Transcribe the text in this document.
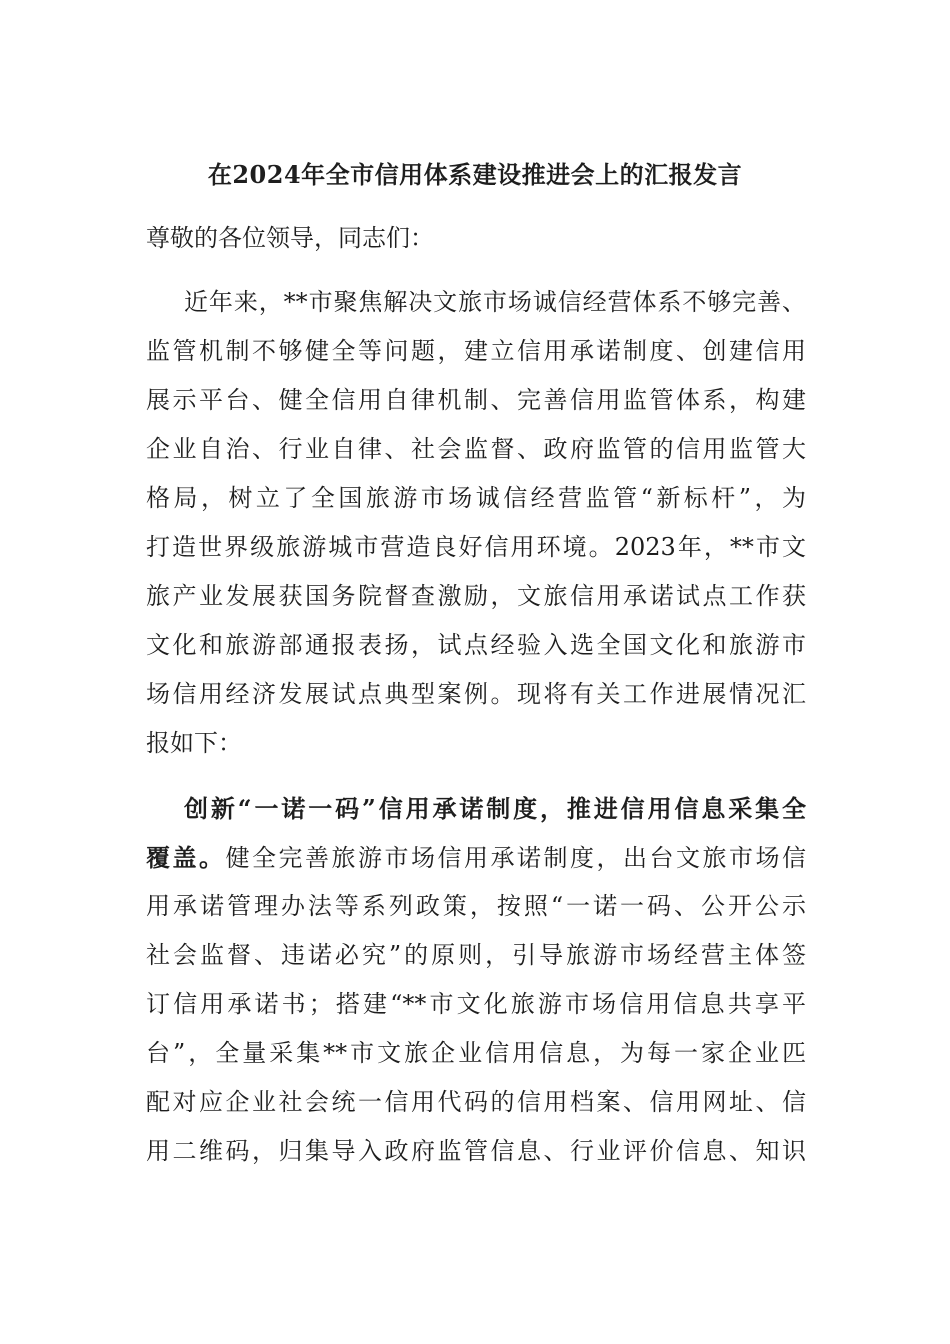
在2024年全市信用体系建设推进会上的汇报发言
尊敬的各位领导，同志们：
近年来，**市聚焦解决文旅市场诚信经营体系不够完善、
监管机制不够健全等问题，建立信用承诺制度、创建信用
展示平台、健全信用自律机制、完善信用监管体系，构建
企业自治、行业自律、社会监督、政府监管的信用监管大
格局，树立了全国旅游市场诚信经营监管“新标杆”，为
打造世界级旅游城市营造良好信用环境。2023年，**市文
旅产业发展获国务院督查激励，文旅信用承诺试点工作获
文化和旅游部通报表扬，试点经验入选全国文化和旅游市
场信用经济发展试点典型案例。现将有关工作进展情况汇
报如下：
创新“一诺一码”信用承诺制度，推进信用信息采集全
覆盖。健全完善旅游市场信用承诺制度，出台文旅市场信
用承诺管理办法等系列政策，按照“一诺一码、公开公示
社会监督、违诺必究”的原则，引导旅游市场经营主体签
订信用承诺书；搭建“**市文化旅游市场信用信息共享平
台”，全量采集**市文旅企业信用信息，为每一家企业匹
配对应企业社会统一信用代码的信用档案、信用网址、信
用二维码，归集导入政府监管信息、行业评价信息、知识
